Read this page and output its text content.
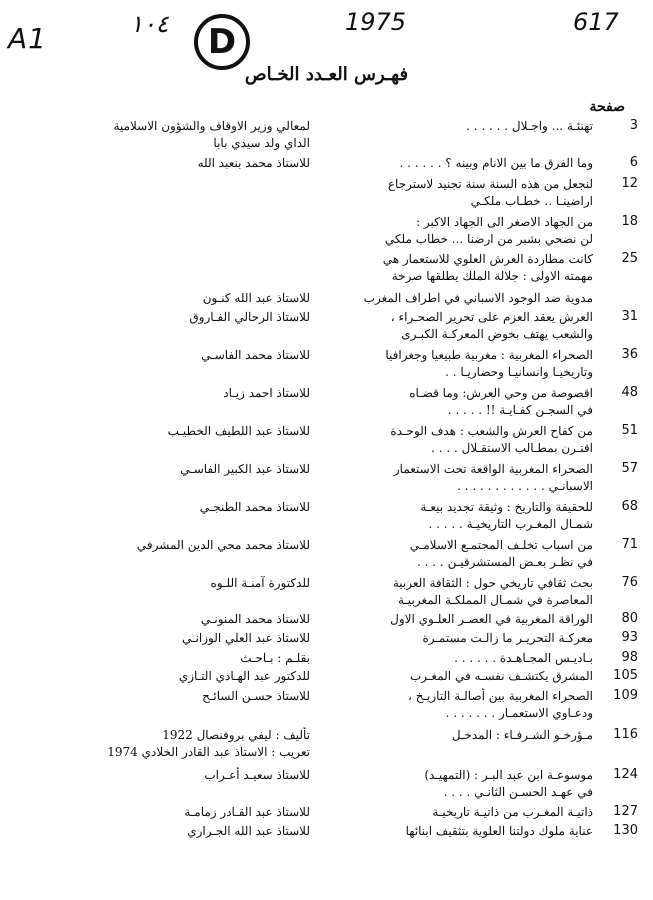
A1	١٠٤	D	1975	617
فهـرس العـدد الخـاص
صفحة
3
تهنئـة ... واجـلال . . . . . .
لمعالي وزير الاوقاف والشؤون الاسلامية
الداي ولد سيدي بابا
6
وما الفرق ما بين الانام وبينه ؟ . . . . . .
للاستاذ محمد بنعبد الله
12
لنجعل من هذه السنة سنة تجنيد لاسترجاع
اراضينـا .. خطـاب ملكـي
18
من الجهاد الاصغر الى الجهاد الاكبر :
لن نضحي بشبر من ارضنا ... خطاب ملكي
25
كانت مطاردة العرش العلوي للاستعمار هي
مهمته الاولى : جلالة الملك يطلقها صرخة
مدوية ضد الوجود الاسباني في اطراف المغرب
للاستاذ عبد الله كنـون
31
العرش يعقد العزم على تحرير الصحـراء ،
والشعب يهتف بخوض المعركـة الكبـرى
للاستاذ الرحالي الفـاروق
36
الصحراء المغربية : مغربية طبيعيا وجغرافيا
وتاريخيـا وانسانيـا وحضاريـا . .
للاستاذ محمد الفاسـي
48
اقصوصة من وحي العرش: وما قضـاه
في السجـن كفـايـة !! . . . . .
للاستاذ احمد زيـاد
51
من كفاح العرش والشعب : هدف الوحـدة
اقتـرن بمطـالب الاستقـلال . . . .
للاستاذ عبد اللطيف الخطيـب
57
الصحراء المغربية الواقعة تحت الاستعمار
الاسبانـي . . . . . . . . . . . .
للاستاذ عبد الكبير الفاسـي
68
للحقيقة والتاريخ : وثيقة تجديد بيعـة
شمـال المغـرب التاريخيـة . . . . .
للاستاذ محمد الطنجـي
71
من اسباب تخلـف المجتمـع الاسلامـي
في نظـر بعـض المستشرقيـن . . . .
للاستاذ محمد محي الدين المشرفي
76
بحث ثقافي تاريخي حول : الثقافة العربية
المعاصرة في شمـال المملكـة المغربيـة
للدكتورة آمنـة اللـوه
80
الوراقة المغربية في العصـر العلـوي الاول
للاستاذ محمد المنونـي
93
معركـة التحريـر ما زالـت مستمـرة
للاستاذ عبد العلي الوزانـي
98
بـاديـس المجـاهـدة . . . . . .
بقلـم : بـاحـث
105
المشرق يكتشـف نفسـه في المغـرب
للدكتور عبد الهـادي التـازي
109
الصحراء المغربية بين أصالـة التاريـخ ،
ودعـاوي الاستعمـار . . . . . . .
للاستاذ حسـن السائـح
116
مـؤرخـو الشـرفـاء : المدخـل
تأليف : ليفي بروفنصال 1922
تعريب : الاستاذ عبد القادر الخلادي 1974
124
موسوعـة ابن عبد البـر : (التمهيـد)
في عهـد الحسـن الثانـي . . . .
للاستاذ سعيـد أعـراب
127
ذاتيـة المغـرب من ذاتيـة تاريخيـة
للاستاذ عبد القـادر زمامـة
130
عناية ملوك دولتنا العلوية بتثقيف ابنائها
للاستاذ عبد الله الجـراري
